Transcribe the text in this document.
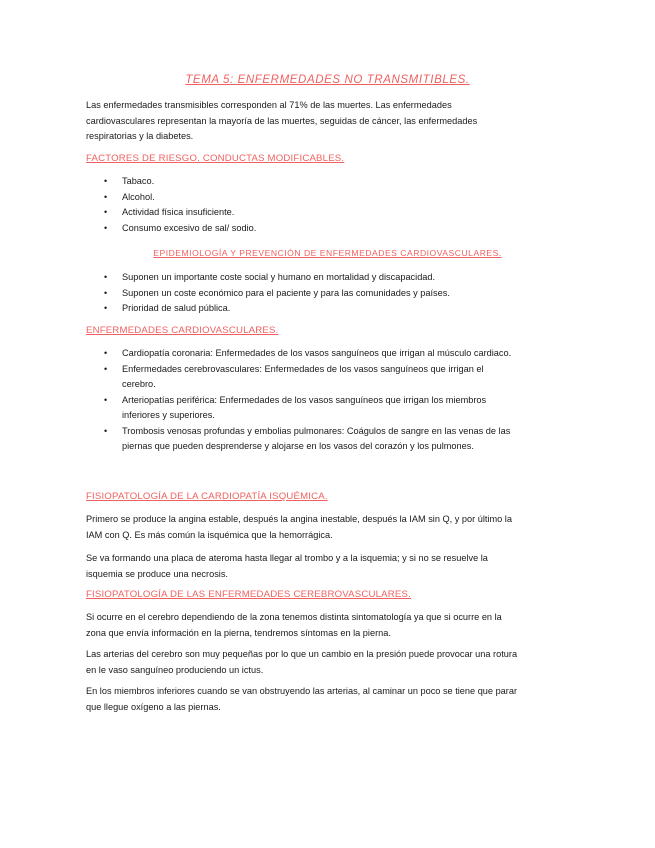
TEMA 5: ENFERMEDADES NO TRANSMITIBLES.
Las enfermedades transmisibles corresponden al 71% de las muertes. Las enfermedades cardiovasculares representan la mayoría de las muertes, seguidas de cáncer, las enfermedades respiratorias y la diabetes.
FACTORES DE RIESGO. CONDUCTAS MODIFICABLES.
• Tabaco.
• Alcohol.
• Actividad física insuficiente.
• Consumo excesivo de sal/ sodio.
EPIDEMIOLOGÍA Y PREVENCIÓN DE ENFERMEDADES CARDIOVASCULARES.
• Suponen un importante coste social y humano en mortalidad y discapacidad.
• Suponen un coste económico para el paciente y para las comunidades y países.
• Prioridad de salud pública.
ENFERMEDADES CARDIOVASCULARES.
• Cardiopatía coronaria: Enfermedades de los vasos sanguíneos que irrigan al músculo cardiaco.
• Enfermedades cerebrovasculares: Enfermedades de los vasos sanguíneos que irrigan el cerebro.
• Arteriopatías periférica: Enfermedades de los vasos sanguíneos que irrigan los miembros inferiores y superiores.
• Trombosis venosas profundas y embolias pulmonares: Coágulos de sangre en las venas de las piernas que pueden desprenderse y alojarse en los vasos del corazón y los pulmones.
FISIOPATOLOGÍA DE LA CARDIOPATÍA ISQUÉMICA.
Primero se produce la angina estable, después la angina inestable, después la IAM sin Q, y por último la IAM con Q. Es más común la isquémica que la hemorrágica.
Se va formando una placa de ateroma hasta llegar al trombo y a la isquemia; y si no se resuelve la isquemia se produce una necrosis.
FISIOPATOLOGÍA DE LAS ENFERMEDADES CEREBROVASCULARES.
Si ocurre en el cerebro dependiendo de la zona tenemos distinta sintomatología ya que si ocurre en la zona que envía información en la pierna, tendremos síntomas en la pierna.
Las arterias del cerebro son muy pequeñas por lo que un cambio en la presión puede provocar una rotura en le vaso sanguíneo produciendo un ictus.
En los miembros inferiores cuando se van obstruyendo las arterias, al caminar un poco se tiene que parar que llegue oxígeno a las piernas.
